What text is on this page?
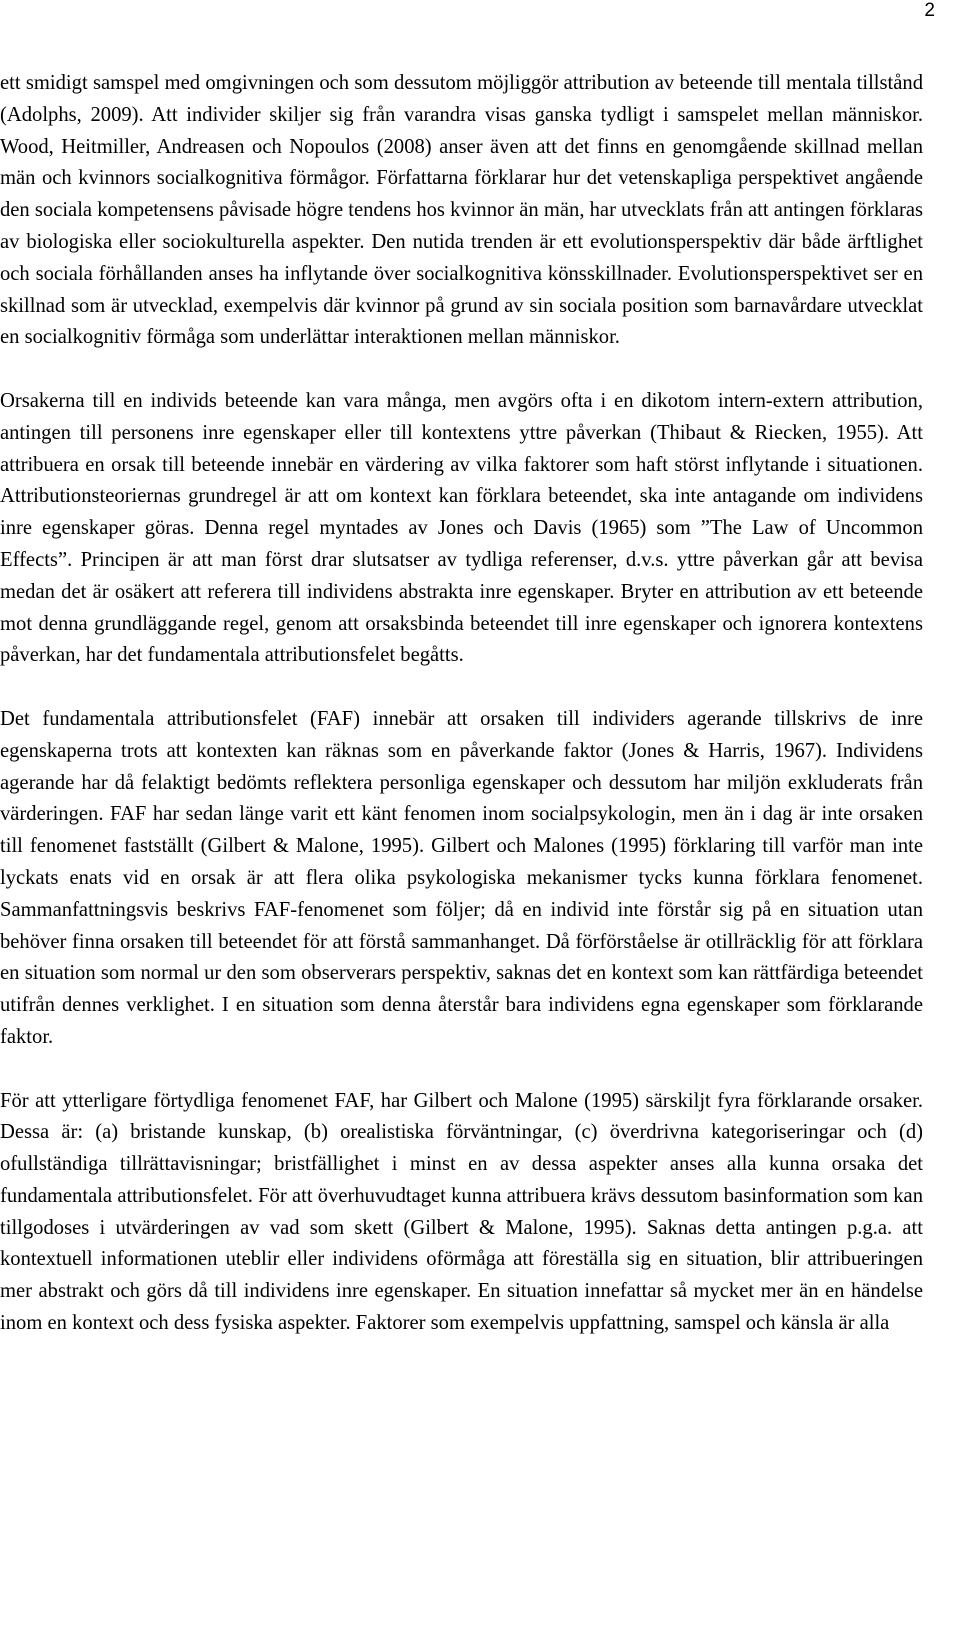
2

ett smidigt samspel med omgivningen och som dessutom möjliggör attribution av beteende till mentala tillstånd (Adolphs, 2009). Att individer skiljer sig från varandra visas ganska tydligt i samspelet mellan människor. Wood, Heitmiller, Andreasen och Nopoulos (2008) anser även att det finns en genomgående skillnad mellan män och kvinnors socialkognitiva förmågor. Författarna förklarar hur det vetenskapliga perspektivet angående den sociala kompetensens påvisade högre tendens hos kvinnor än män, har utvecklats från att antingen förklaras av biologiska eller sociokulturella aspekter. Den nutida trenden är ett evolutionsperspektiv där både ärftlighet och sociala förhållanden anses ha inflytande över socialkognitiva könsskillnader. Evolutionsperspektivet ser en skillnad som är utvecklad, exempelvis där kvinnor på grund av sin sociala position som barnavårdare utvecklat en socialkognitiv förmåga som underlättar interaktionen mellan människor.

Orsakerna till en individs beteende kan vara många, men avgörs ofta i en dikotom intern-extern attribution, antingen till personens inre egenskaper eller till kontextens yttre påverkan (Thibaut & Riecken, 1955). Att attribuera en orsak till beteende innebär en värdering av vilka faktorer som haft störst inflytande i situationen. Attributionsteoriernas grundregel är att om kontext kan förklara beteendet, ska inte antagande om individens inre egenskaper göras. Denna regel myntades av Jones och Davis (1965) som ”The Law of Uncommon Effects”. Principen är att man först drar slutsatser av tydliga referenser, d.v.s. yttre påverkan går att bevisa medan det är osäkert att referera till individens abstrakta inre egenskaper. Bryter en attribution av ett beteende mot denna grundläggande regel, genom att orsaksbinda beteendet till inre egenskaper och ignorera kontextens påverkan, har det fundamentala attributionsfelet begåtts.

Det fundamentala attributionsfelet (FAF) innebär att orsaken till individers agerande tillskrivs de inre egenskaperna trots att kontexten kan räknas som en påverkande faktor (Jones & Harris, 1967). Individens agerande har då felaktigt bedömts reflektera personliga egenskaper och dessutom har miljön exkluderats från värderingen. FAF har sedan länge varit ett känt fenomen inom socialpsykologin, men än i dag är inte orsaken till fenomenet fastställt (Gilbert & Malone, 1995). Gilbert och Malones (1995) förklaring till varför man inte lyckats enats vid en orsak är att flera olika psykologiska mekanismer tycks kunna förklara fenomenet. Sammanfattningsvis beskrivs FAF-fenomenet som följer; då en individ inte förstår sig på en situation utan behöver finna orsaken till beteendet för att förstå sammanhanget. Då förförståelse är otillräcklig för att förklara en situation som normal ur den som observerars perspektiv, saknas det en kontext som kan rättfärdiga beteendet utifrån dennes verklighet. I en situation som denna återstår bara individens egna egenskaper som förklarande faktor.

För att ytterligare förtydliga fenomenet FAF, har Gilbert och Malone (1995) särskiljt fyra förklarande orsaker. Dessa är: (a) bristande kunskap, (b) orealistiska förväntningar, (c) överdrivna kategoriseringar och (d) ofullständiga tillrättavisningar; bristfällighet i minst en av dessa aspekter anses alla kunna orsaka det fundamentala attributionsfelet. För att överhuvudtaget kunna attribuera krävs dessutom basinformation som kan tillgodoses i utvärderingen av vad som skett (Gilbert & Malone, 1995). Saknas detta antingen p.g.a. att kontextuell informationen uteblir eller individens oförmåga att föreställa sig en situation, blir attribueringen mer abstrakt och görs då till individens inre egenskaper. En situation innefattar så mycket mer än en händelse inom en kontext och dess fysiska aspekter. Faktorer som exempelvis uppfattning, samspel och känsla är alla
